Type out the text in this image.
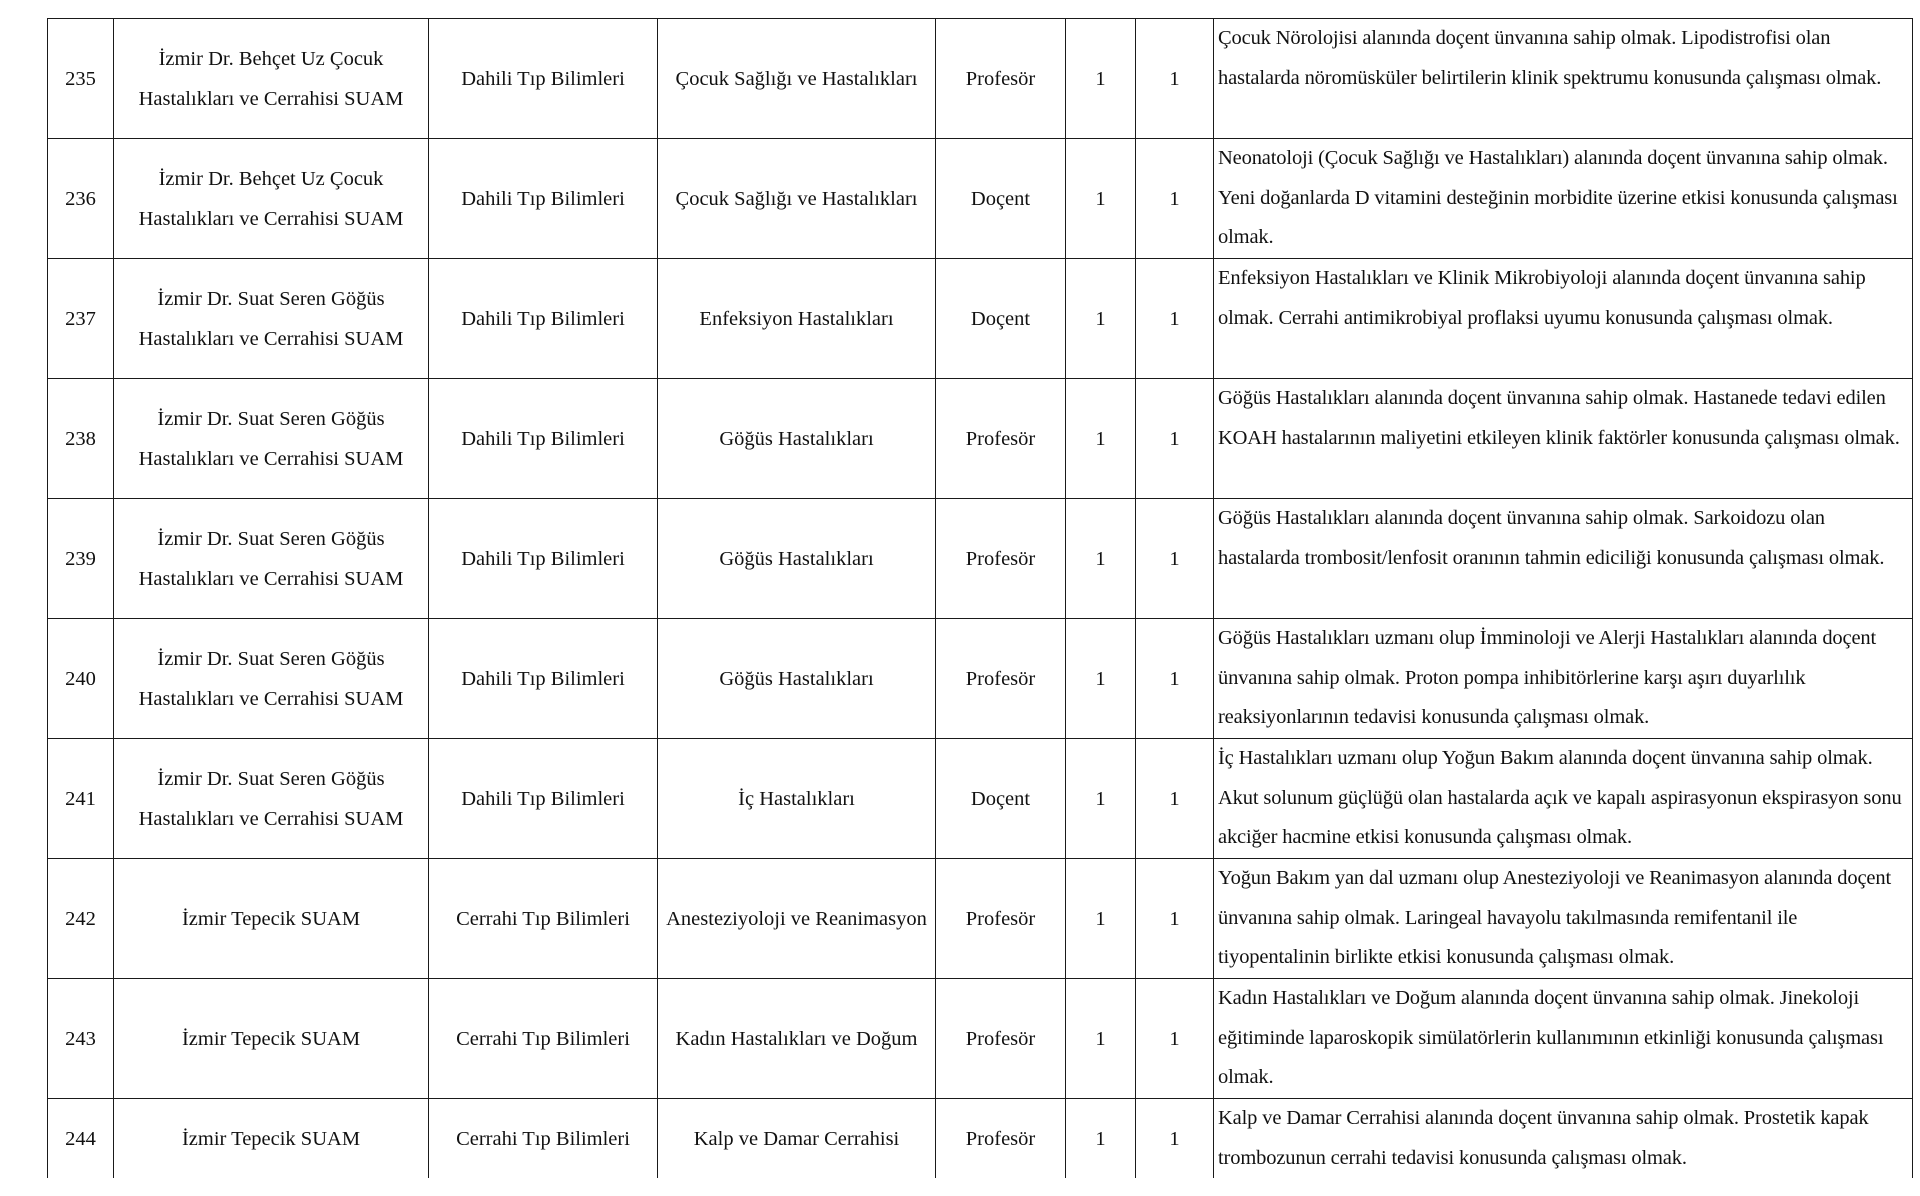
235	İzmir Dr. Behçet Uz Çocuk Hastalıkları ve Cerrahisi SUAM	Dahili Tıp Bilimleri	Çocuk Sağlığı ve Hastalıkları	Profesör	1	1	Çocuk Nörolojisi alanında doçent ünvanına sahip olmak. Lipodistrofisi olan hastalarda nöromüsküler belirtilerin klinik spektrumu konusunda çalışması olmak.
236	İzmir Dr. Behçet Uz Çocuk Hastalıkları ve Cerrahisi SUAM	Dahili Tıp Bilimleri	Çocuk Sağlığı ve Hastalıkları	Doçent	1	1	Neonatoloji (Çocuk Sağlığı ve Hastalıkları) alanında doçent ünvanına sahip olmak. Yeni doğanlarda D vitamini desteğinin morbidite üzerine etkisi konusunda çalışması olmak.
237	İzmir Dr. Suat Seren Göğüs Hastalıkları ve Cerrahisi SUAM	Dahili Tıp Bilimleri	Enfeksiyon Hastalıkları	Doçent	1	1	Enfeksiyon Hastalıkları ve Klinik Mikrobiyoloji alanında doçent ünvanına sahip olmak. Cerrahi antimikrobiyal proflaksi uyumu konusunda çalışması olmak.
238	İzmir Dr. Suat Seren Göğüs Hastalıkları ve Cerrahisi SUAM	Dahili Tıp Bilimleri	Göğüs Hastalıkları	Profesör	1	1	Göğüs Hastalıkları alanında doçent ünvanına sahip olmak. Hastanede tedavi edilen KOAH hastalarının maliyetini etkileyen klinik faktörler konusunda çalışması olmak.
239	İzmir Dr. Suat Seren Göğüs Hastalıkları ve Cerrahisi SUAM	Dahili Tıp Bilimleri	Göğüs Hastalıkları	Profesör	1	1	Göğüs Hastalıkları alanında doçent ünvanına sahip olmak. Sarkoidozu olan hastalarda trombosit/lenfosit oranının tahmin ediciliği konusunda çalışması olmak.
240	İzmir Dr. Suat Seren Göğüs Hastalıkları ve Cerrahisi SUAM	Dahili Tıp Bilimleri	Göğüs Hastalıkları	Profesör	1	1	Göğüs Hastalıkları uzmanı olup İmminoloji ve Alerji Hastalıkları alanında doçent ünvanına sahip olmak. Proton pompa inhibitörlerine karşı aşırı duyarlılık reaksiyonlarının tedavisi konusunda çalışması olmak.
241	İzmir Dr. Suat Seren Göğüs Hastalıkları ve Cerrahisi SUAM	Dahili Tıp Bilimleri	İç Hastalıkları	Doçent	1	1	İç Hastalıkları uzmanı olup Yoğun Bakım alanında doçent ünvanına sahip olmak. Akut solunum güçlüğü olan hastalarda açık ve kapalı aspirasyonun ekspirasyon sonu akciğer hacmine etkisi konusunda çalışması olmak.
242	İzmir Tepecik SUAM	Cerrahi Tıp Bilimleri	Anesteziyoloji ve Reanimasyon	Profesör	1	1	Yoğun Bakım yan dal uzmanı olup Anesteziyoloji ve Reanimasyon alanında doçent ünvanına sahip olmak. Laringeal havayolu takılmasında remifentanil ile tiyopentalinin birlikte etkisi konusunda çalışması olmak.
243	İzmir Tepecik SUAM	Cerrahi Tıp Bilimleri	Kadın Hastalıkları ve Doğum	Profesör	1	1	Kadın Hastalıkları ve Doğum alanında doçent ünvanına sahip olmak. Jinekoloji eğitiminde laparoskopik simülatörlerin kullanımının etkinliği konusunda çalışması olmak.
244	İzmir Tepecik SUAM	Cerrahi Tıp Bilimleri	Kalp ve Damar Cerrahisi	Profesör	1	1	Kalp ve Damar Cerrahisi alanında doçent ünvanına sahip olmak. Prostetik kapak trombozunun cerrahi tedavisi konusunda çalışması olmak.
